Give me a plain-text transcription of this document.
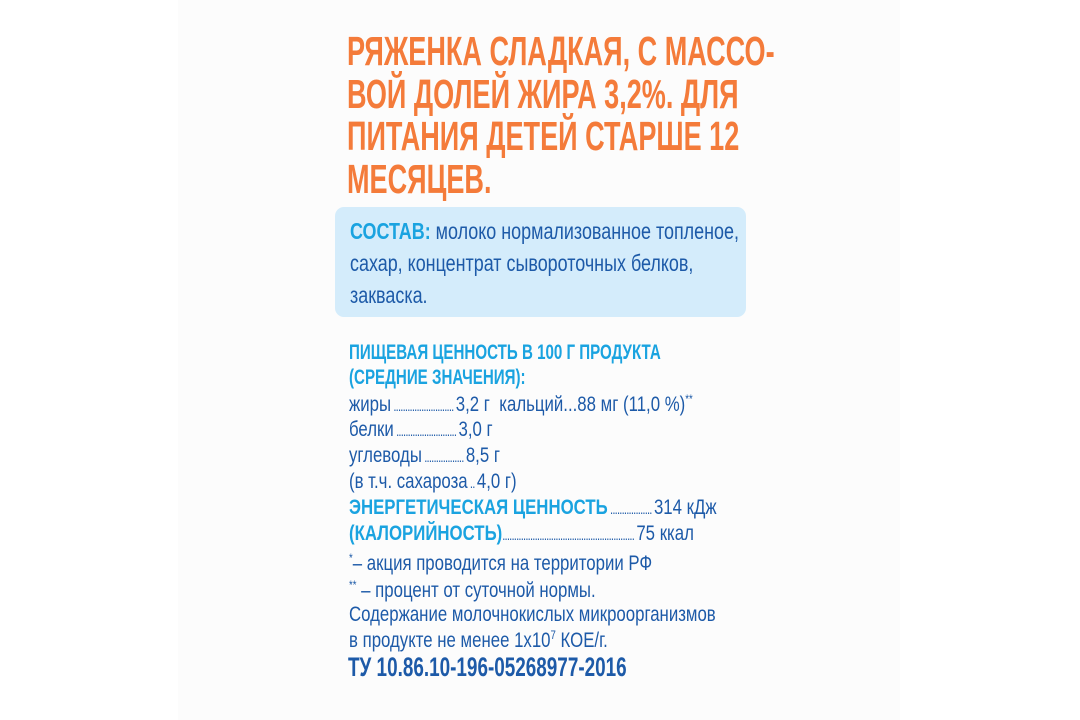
РЯЖЕНКА СЛАДКАЯ, С МАССО-
ВОЙ ДОЛЕЙ ЖИРА 3,2%. ДЛЯ
ПИТАНИЯ ДЕТЕЙ СТАРШЕ 12
МЕСЯЦЕВ.
СОСТАВ: молоко нормализованное топленое,
сахар, концентрат сывороточных белков,
закваска.
ПИЩЕВАЯ ЦЕННОСТЬ В 100 Г ПРОДУКТА
(СРЕДНИЕ ЗНАЧЕНИЯ):
жиры .......................... 3,2 г кальций...88 мг (11,0 %)**
белки .......................... 3,0 г
углеводы ................. 8,5 г
(в т.ч. сахароза .. 4,0 г)
ЭНЕРГЕТИЧЕСКАЯ ЦЕННОСТЬ .................. 314 кДж
(КАЛОРИЙНОСТЬ)......................................................... 75 ккал
*– акция проводится на территории РФ
** – процент от суточной нормы.
Содержание молочнокислых микроорганизмов
в продукте не менее $1х10^7$ КОЕ/г.
ТУ 10.86.10-196-05268977-2016
